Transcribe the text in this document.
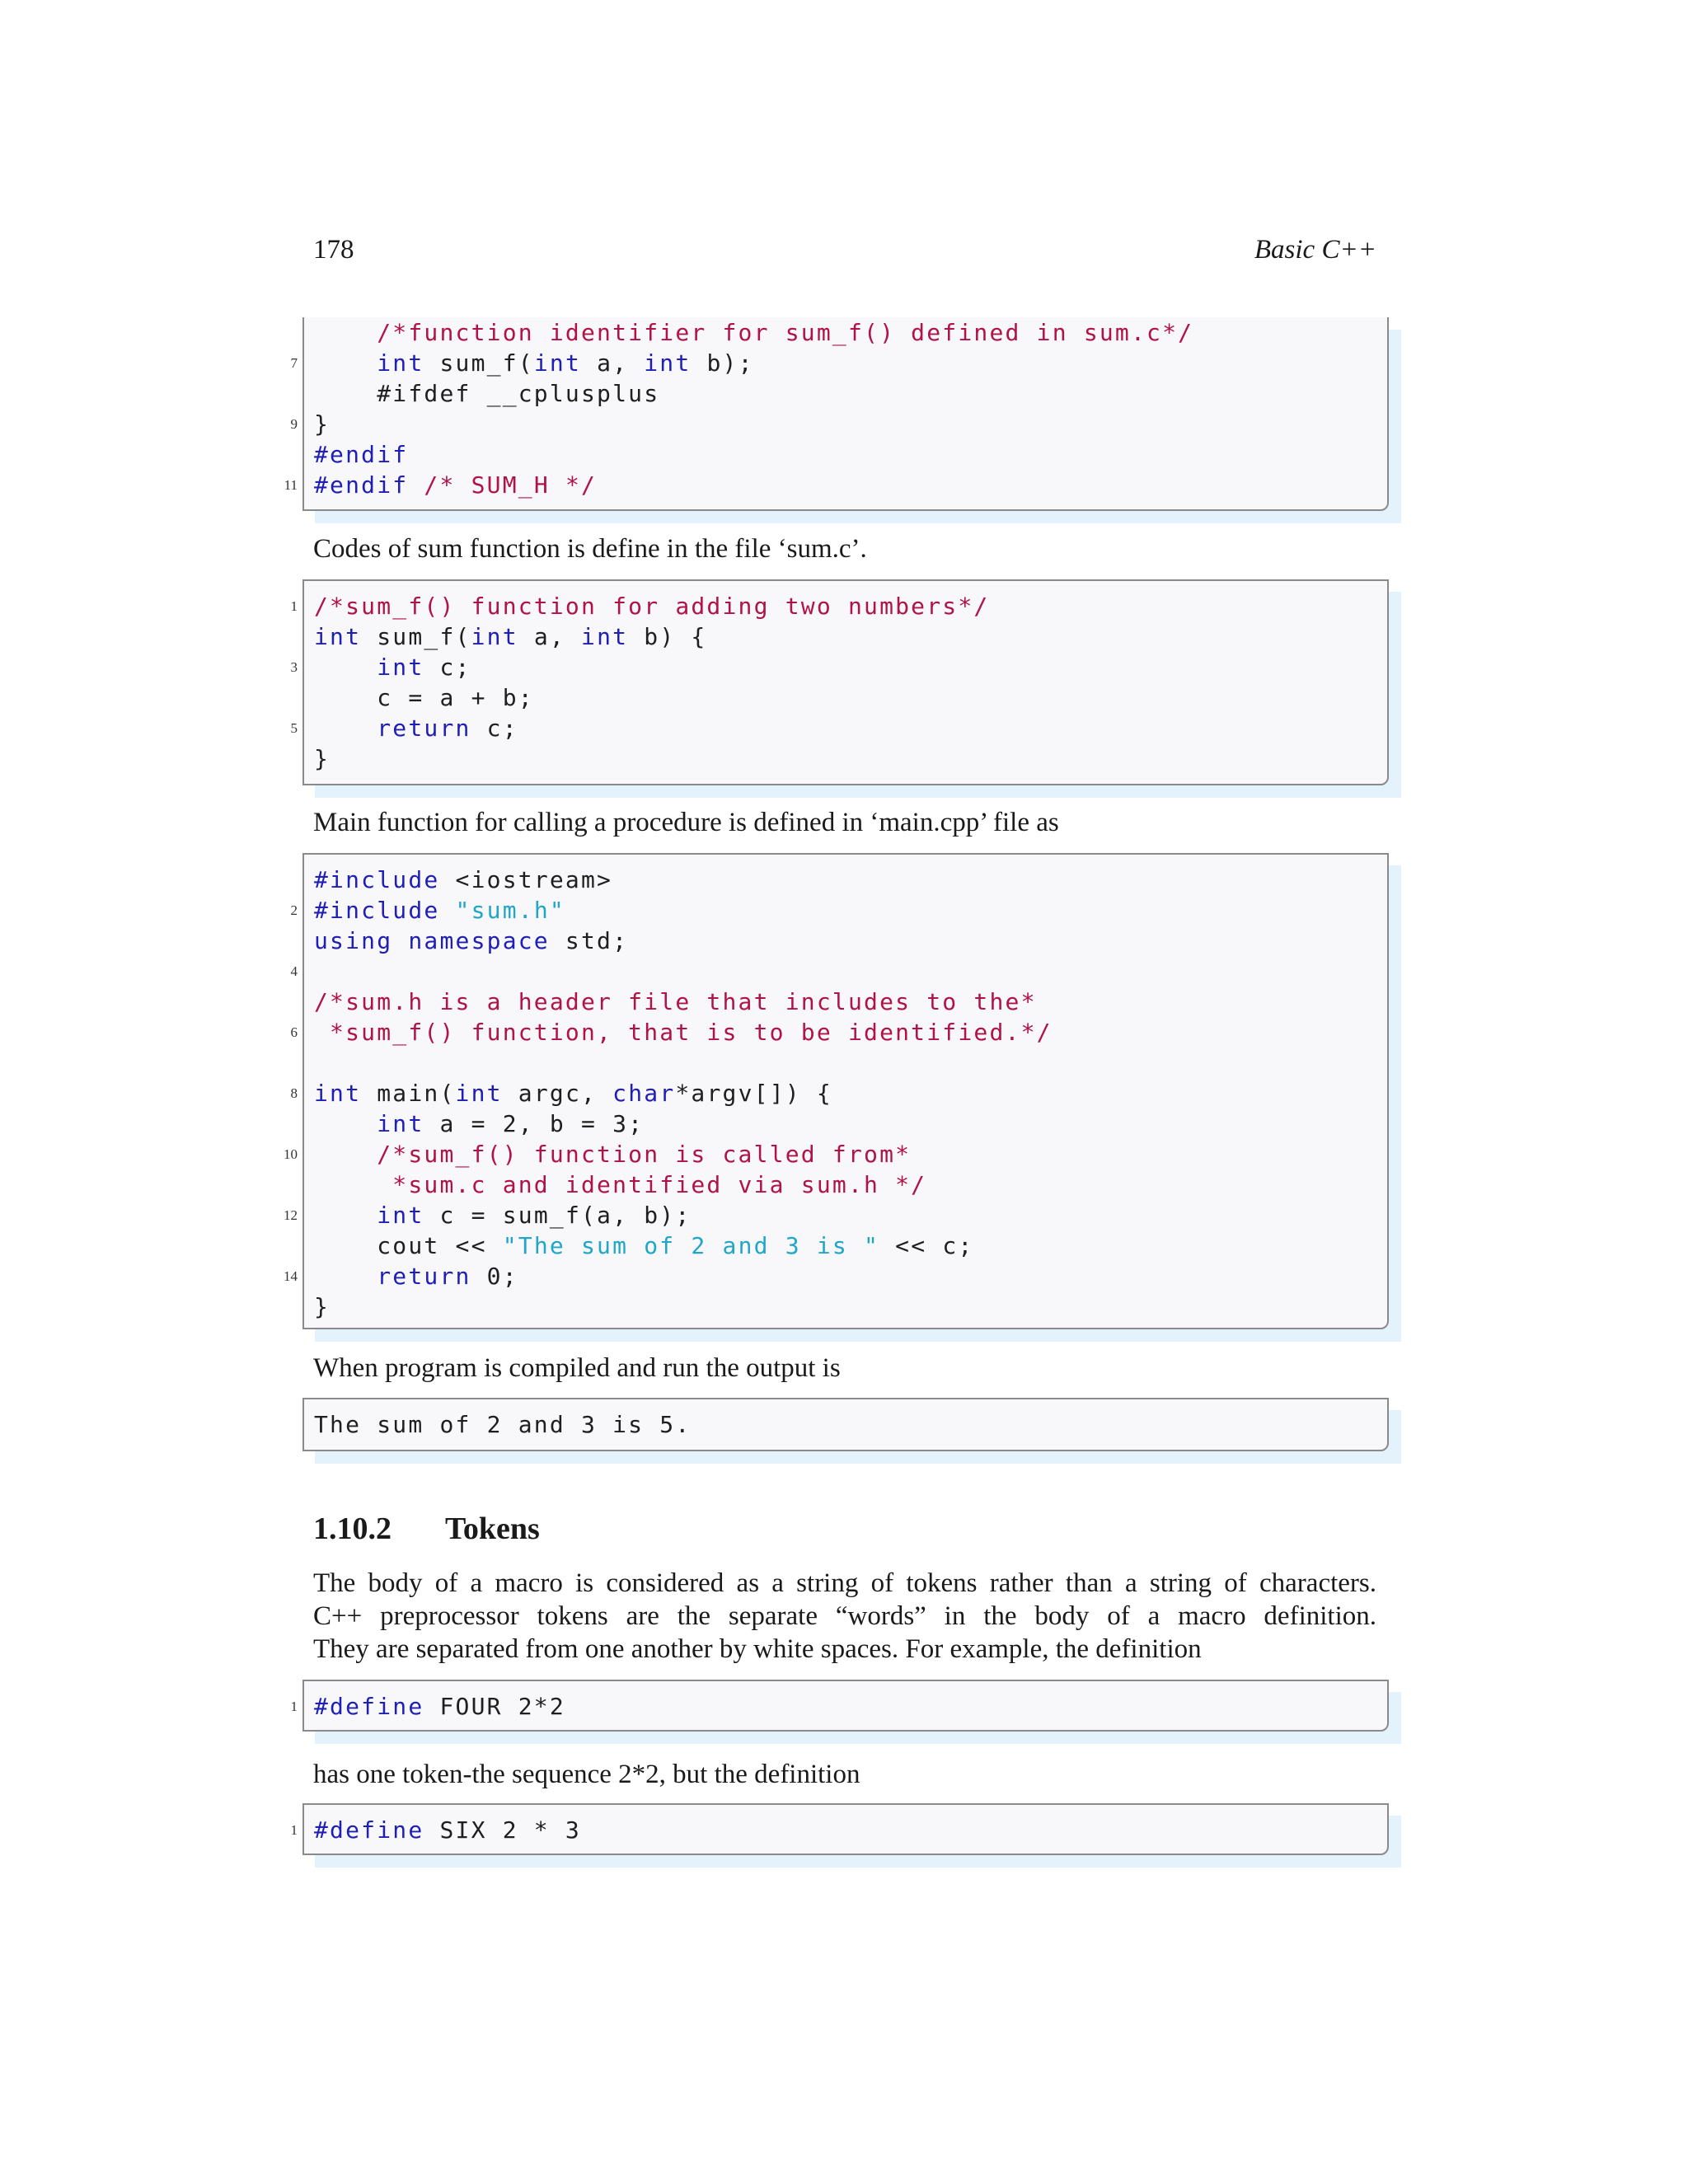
178	Basic C++
/*function identifier for sum_f() defined in sum.c*/
7	int sum_f(int a, int b);
#ifdef __cplusplus
9 }
#endif
11 #endif /* SUM_H */

Codes of sum function is define in the file ‘sum.c’.

1 /*sum_f() function for adding two numbers*/
int sum_f(int a, int b) {
3	int c;
c = a + b;
5	return c;
}

Main function for calling a procedure is defined in ‘main.cpp’ file as

#include <iostream>
2 #include "sum.h"
using namespace std;
4
/*sum.h is a header file that includes to the*
6 *sum_f() function, that is to be identified.*/
8 int main(int argc, char*argv[]) {
int a = 2, b = 3;
10	/*sum_f() function is called from*
*sum.c and identified via sum.h */
12	int c = sum_f(a, b);
cout << "The sum of 2 and 3 is " << c;
14	return 0;
}

When program is compiled and run the output is

The sum of 2 and 3 is 5.
1.10.2 Tokens
The body of a macro is considered as a string of tokens rather than a string of characters.
C++ preprocessor tokens are the separate “words” in the body of a macro definition.
They are separated from one another by white spaces. For example, the definition
1 #define FOUR 2*2

has one token-the sequence 2*2, but the definition

1 #define SIX 2 * 3
